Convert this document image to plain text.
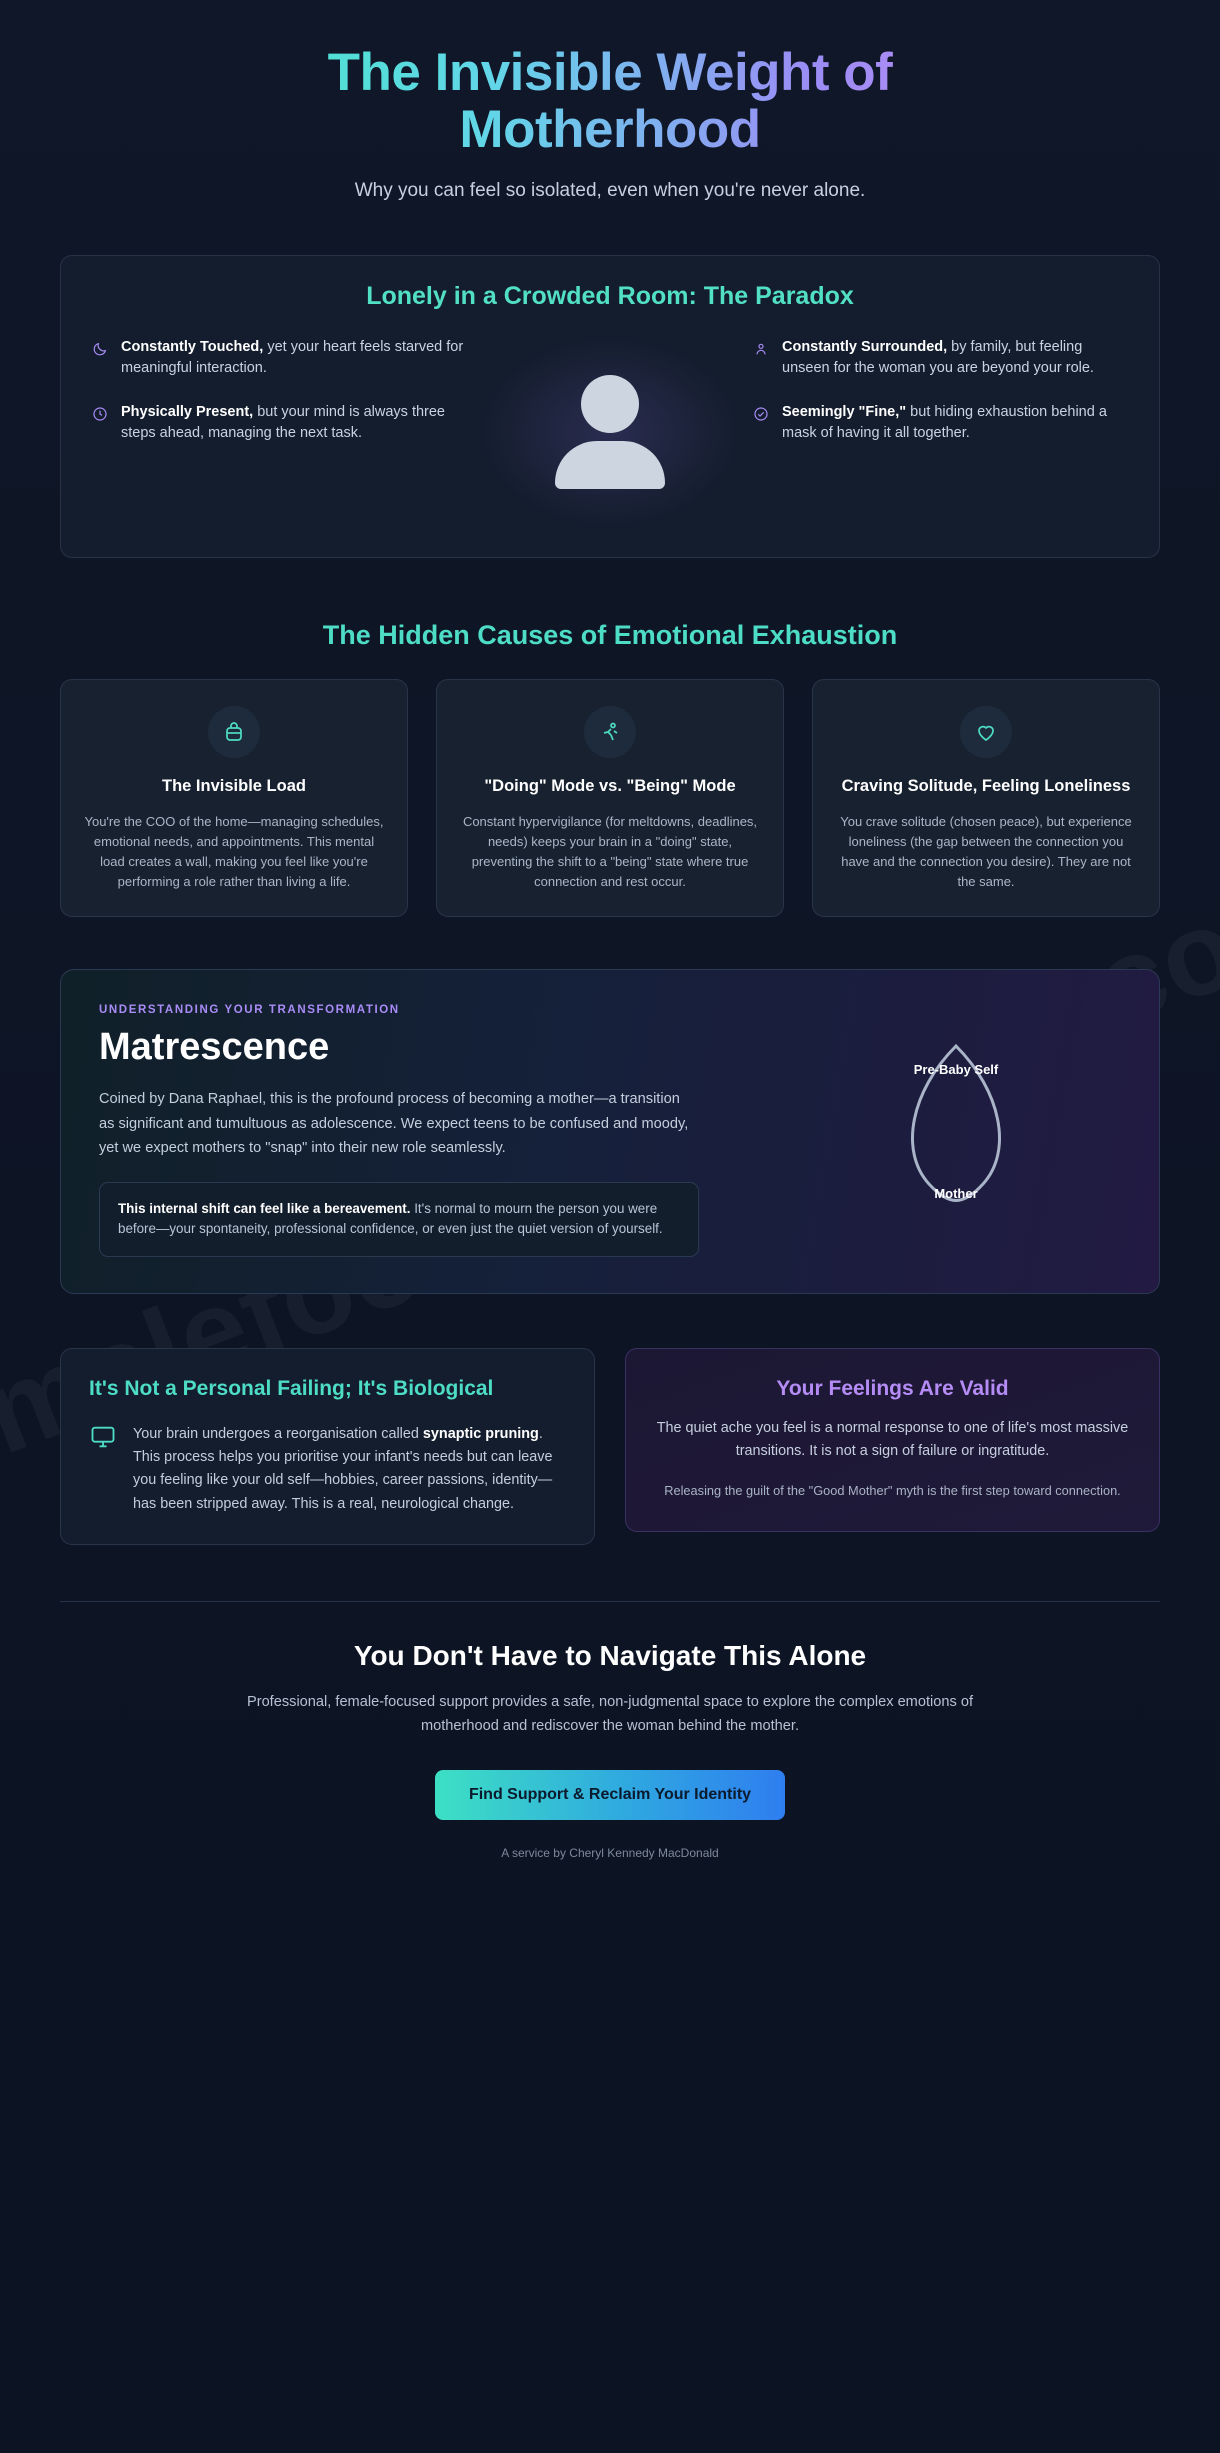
The Invisible Weight of Motherhood

Why you can feel so isolated, even when you're never alone.

Lonely in a Crowded Room: The Paradox

Constantly Touched, yet your heart feels starved for meaningful interaction.

Physically Present, but your mind is always three steps ahead, managing the next task.

Constantly Surrounded, by family, but feeling unseen for the woman you are beyond your role.

Seemingly "Fine," but hiding exhaustion behind a mask of having it all together.

The Hidden Causes of Emotional Exhaustion
The Invisible Load

You're the COO of the home—managing schedules, emotional needs, and appointments. This mental load creates a wall, making you feel like you're performing a role rather than living a life.

"Doing" Mode vs. "Being" Mode

Constant hypervigilance (for meltdowns, deadlines, needs) keeps your brain in a "doing" state, preventing the shift to a "being" state where true connection and rest occur.

Craving Solitude, Feeling Loneliness

You crave solitude (chosen peace), but experience loneliness (the gap between the connection you have and the connection you desire). They are not the same.

UNDERSTANDING YOUR TRANSFORMATION
Matrescence

Coined by Dana Raphael, this is the profound process of becoming a mother—a transition as significant and tumultuous as adolescence. We expect teens to be confused and moody, yet we expect mothers to "snap" into their new role seamlessly.

This internal shift can feel like a bereavement. It's normal to mourn the person you were before—your spontaneity, professional confidence, or even just the quiet version of yourself.

Pre-Baby Self
Mother
It's Not a Personal Failing; It's Biological

Your brain undergoes a reorganisation called synaptic pruning. This process helps you prioritise your infant's needs but can leave you feeling like your old self—hobbies, career passions, identity—has been stripped away. This is a real, neurological change.

Your Feelings Are Valid

The quiet ache you feel is a normal response to one of life's most massive transitions. It is not a sign of failure or ingratitude.

Releasing the guilt of the "Good Mother" myth is the first step toward connection.

You Don't Have to Navigate This Alone

Professional, female-focused support provides a safe, non-judgmental space to explore the complex emotions of motherhood and rediscover the woman behind the mother.

Find Support & Reclaim Your Identity

A service by Cheryl Kennedy MacDonald
